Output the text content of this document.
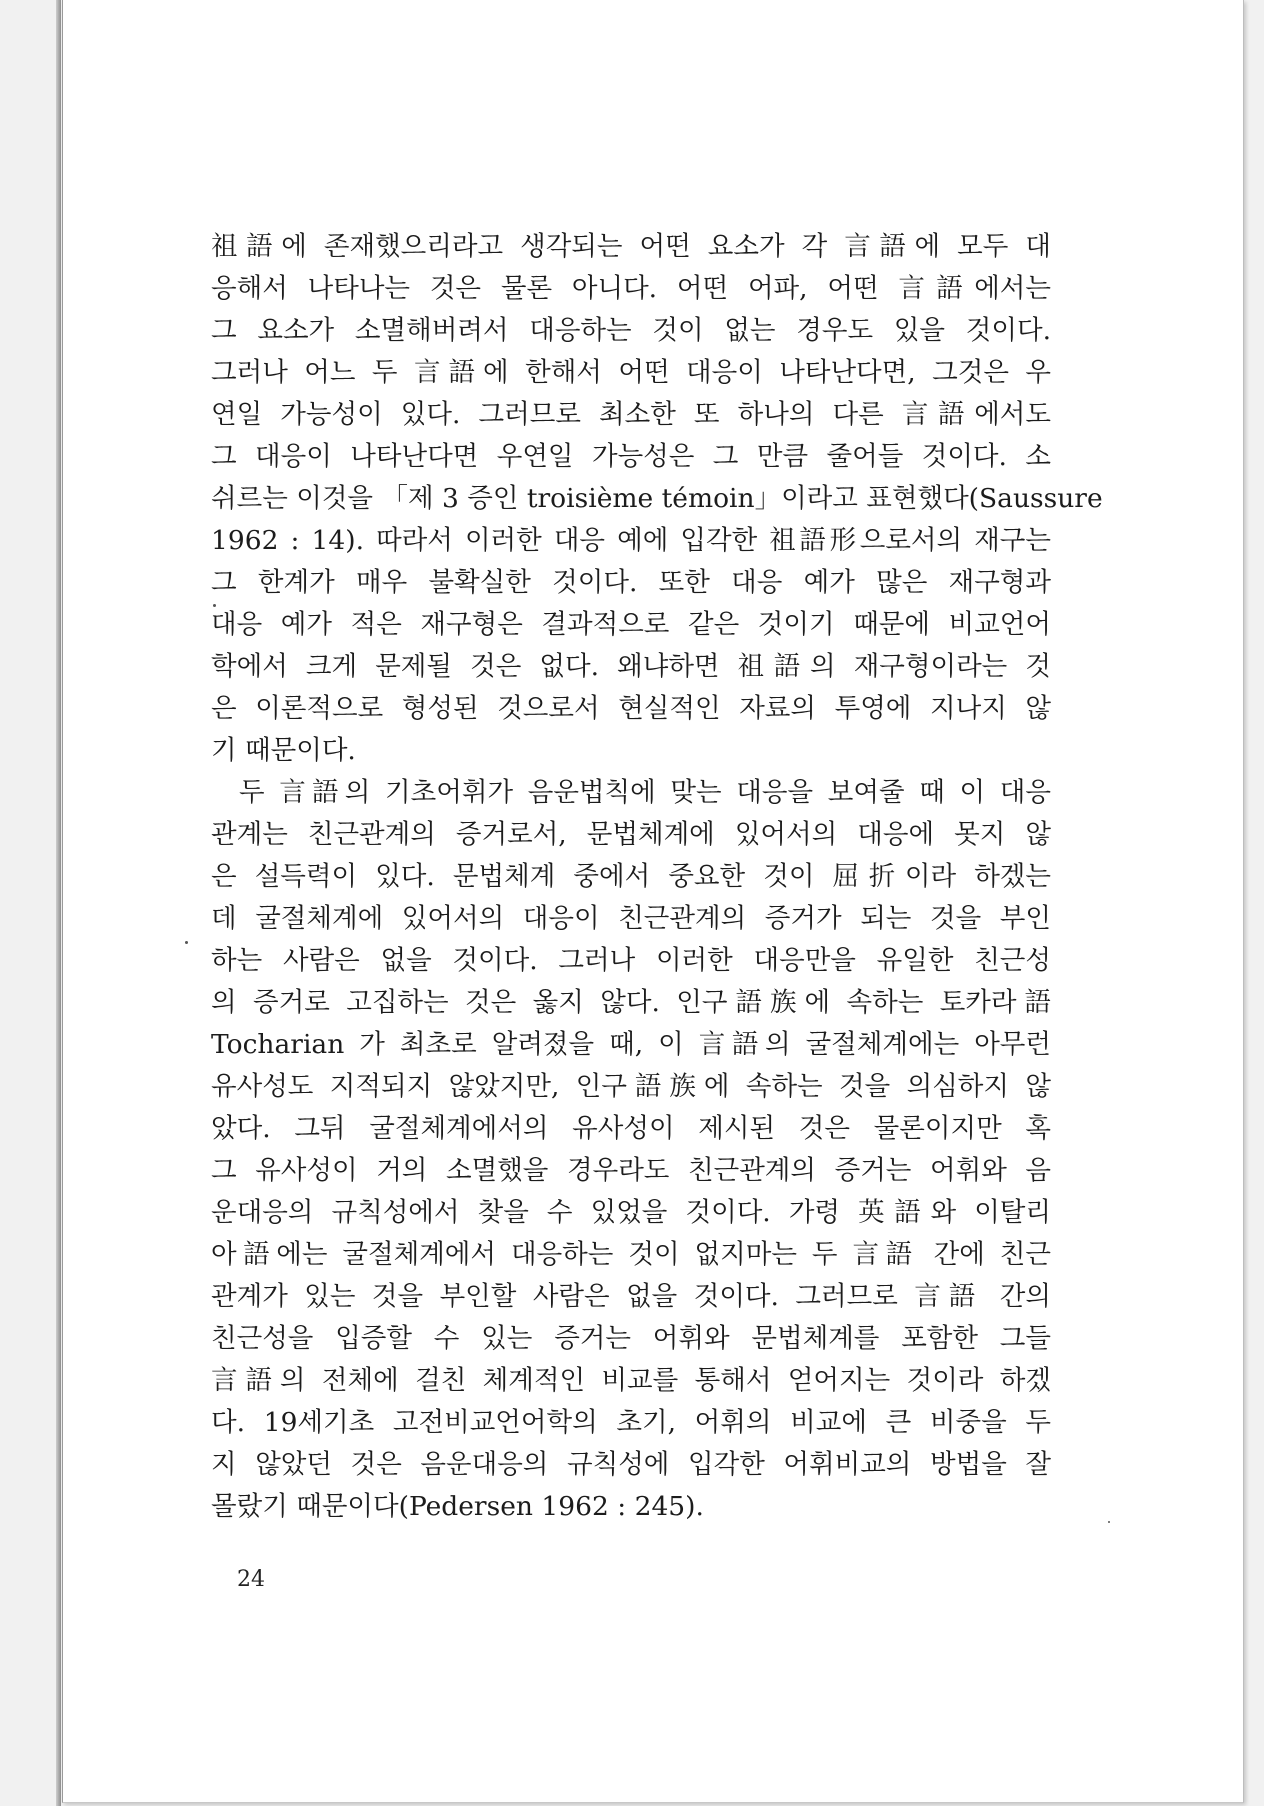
祖語에 존재했으리라고 생각되는 어떤 요소가 각 言語에 모두 대
응해서 나타나는 것은 물론 아니다. 어떤 어파, 어떤 言語에서는
그 요소가 소멸해버려서 대응하는 것이 없는 경우도 있을 것이다.
그러나 어느 두 言語에 한해서 어떤 대응이 나타난다면, 그것은 우
연일 가능성이 있다. 그러므로 최소한 또 하나의 다른 言語에서도
그 대응이 나타난다면 우연일 가능성은 그 만큼 줄어들 것이다. 소
쉬르는 이것을 「제 3 증인 troisième témoin」이라고 표현했다(Saussure
1962 : 14). 따라서 이러한 대응 예에 입각한 祖語形으로서의 재구는
그 한계가 매우 불확실한 것이다. 또한 대응 예가 많은 재구형과
대응 예가 적은 재구형은 결과적으로 같은 것이기 때문에 비교언어
학에서 크게 문제될 것은 없다. 왜냐하면 祖語의 재구형이라는 것
은 이론적으로 형성된 것으로서 현실적인 자료의 투영에 지나지 않
기 때문이다.
두 言語의 기초어휘가 음운법칙에 맞는 대응을 보여줄 때 이 대응
관계는 친근관계의 증거로서, 문법체계에 있어서의 대응에 못지 않
은 설득력이 있다. 문법체계 중에서 중요한 것이 屈折이라 하겠는
데 굴절체계에 있어서의 대응이 친근관계의 증거가 되는 것을 부인
하는 사람은 없을 것이다. 그러나 이러한 대응만을 유일한 친근성
의 증거로 고집하는 것은 옳지 않다. 인구語族에 속하는 토카라語
Tocharian 가 최초로 알려졌을 때, 이 言語의 굴절체계에는 아무런
유사성도 지적되지 않았지만, 인구語族에 속하는 것을 의심하지 않
았다. 그뒤 굴절체계에서의 유사성이 제시된 것은 물론이지만 혹
그 유사성이 거의 소멸했을 경우라도 친근관계의 증거는 어휘와 음
운대응의 규칙성에서 찾을 수 있었을 것이다. 가령 英語와 이탈리
아語에는 굴절체계에서 대응하는 것이 없지마는 두 言語 간에 친근
관계가 있는 것을 부인할 사람은 없을 것이다. 그러므로 言語 간의
친근성을 입증할 수 있는 증거는 어휘와 문법체계를 포함한 그들
言語의 전체에 걸친 체계적인 비교를 통해서 얻어지는 것이라 하겠
다. 19세기초 고전비교언어학의 초기, 어휘의 비교에 큰 비중을 두
지 않았던 것은 음운대응의 규칙성에 입각한 어휘비교의 방법을 잘
몰랐기 때문이다(Pedersen 1962 : 245).
24
